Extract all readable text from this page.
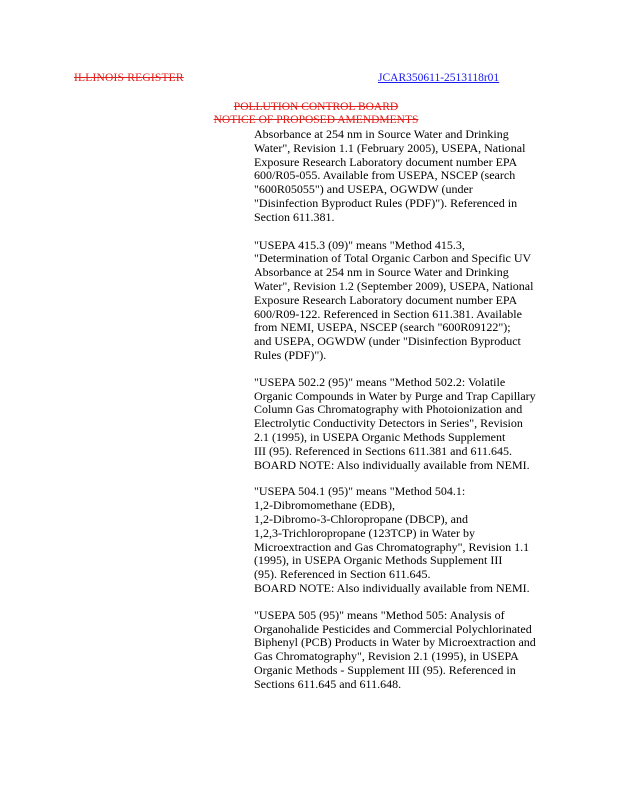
ILLINOIS REGISTER	JCAR350611-2513118r01
POLLUTION CONTROL BOARD
NOTICE OF PROPOSED AMENDMENTS
Absorbance at 254 nm in Source Water and Drinking
Water", Revision 1.1 (February 2005), USEPA, National
Exposure Research Laboratory document number EPA
600/R05-055. Available from USEPA, NSCEP (search
"600R05055") and USEPA, OGWDW (under
"Disinfection Byproduct Rules (PDF)"). Referenced in
Section 611.381.
"USEPA 415.3 (09)" means "Method 415.3,
"Determination of Total Organic Carbon and Specific UV
Absorbance at 254 nm in Source Water and Drinking
Water", Revision 1.2 (September 2009), USEPA, National
Exposure Research Laboratory document number EPA
600/R09-122. Referenced in Section 611.381. Available
from NEMI, USEPA, NSCEP (search "600R09122");
and USEPA, OGWDW (under "Disinfection Byproduct
Rules (PDF)").
"USEPA 502.2 (95)" means "Method 502.2: Volatile
Organic Compounds in Water by Purge and Trap Capillary
Column Gas Chromatography with Photoionization and
Electrolytic Conductivity Detectors in Series", Revision
2.1 (1995), in USEPA Organic Methods Supplement
III (95). Referenced in Sections 611.381 and 611.645.
BOARD NOTE: Also individually available from NEMI.
"USEPA 504.1 (95)" means "Method 504.1:
1,2-Dibromomethane (EDB),
1,2-Dibromo-3-Chloropropane (DBCP), and
1,2,3-Trichloropropane (123TCP) in Water by
Microextraction and Gas Chromatography", Revision 1.1
(1995), in USEPA Organic Methods Supplement III
(95). Referenced in Section 611.645.
BOARD NOTE: Also individually available from NEMI.
"USEPA 505 (95)" means "Method 505: Analysis of
Organohalide Pesticides and Commercial Polychlorinated
Biphenyl (PCB) Products in Water by Microextraction and
Gas Chromatography", Revision 2.1 (1995), in USEPA
Organic Methods - Supplement III (95). Referenced in
Sections 611.645 and 611.648.
